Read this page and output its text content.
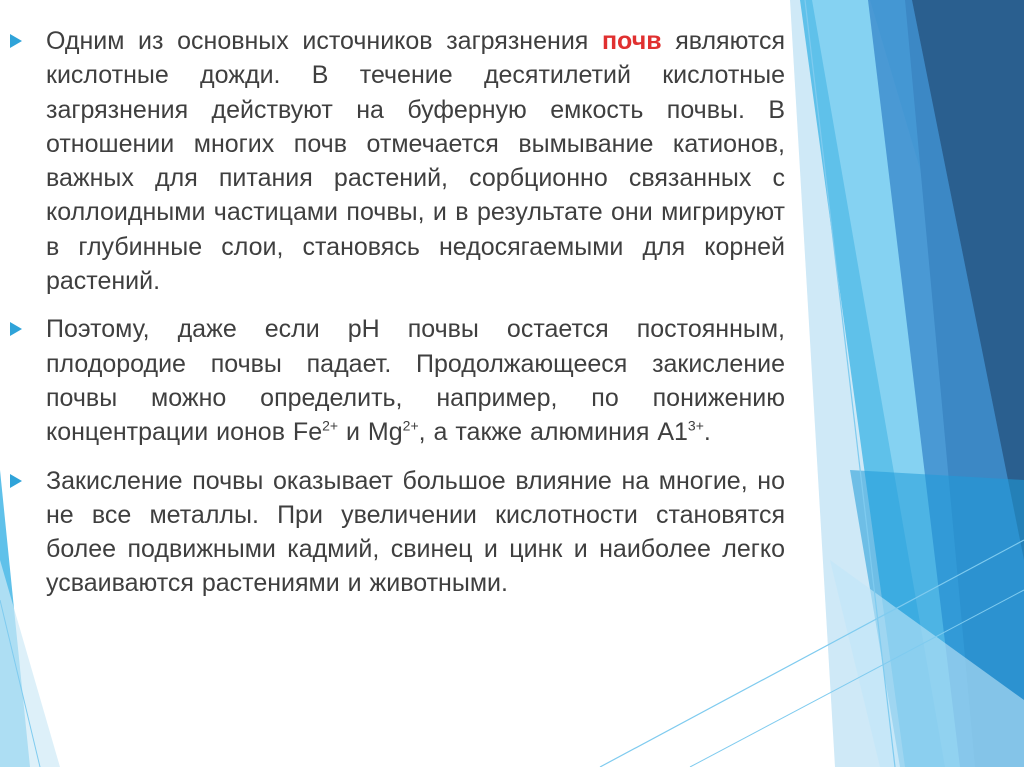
Одним из основных источников загрязнения почв являются кислотные дожди. В течение десятилетий кислотные загрязнения действуют на буферную емкость почвы. В отношении многих почв отмечается вымывание катионов, важных для питания растений, сорбционно связанных с коллоидными частицами почвы, и в результате они мигрируют в глубинные слои, становясь недосягаемыми для корней растений.
Поэтому, даже если pH почвы остается постоянным, плодородие почвы падает. Продолжающееся закисление почвы можно определить, например, по понижению концентрации ионов $Fe^{2+}$ и $Mg^{2+}$, а также алюминия $А1^{3+}$.
Закисление почвы оказывает большое влияние на многие, но не все металлы. При увеличении кислотности становятся более подвижными кадмий, свинец и цинк и наиболее легко усваиваются растениями и животными.
